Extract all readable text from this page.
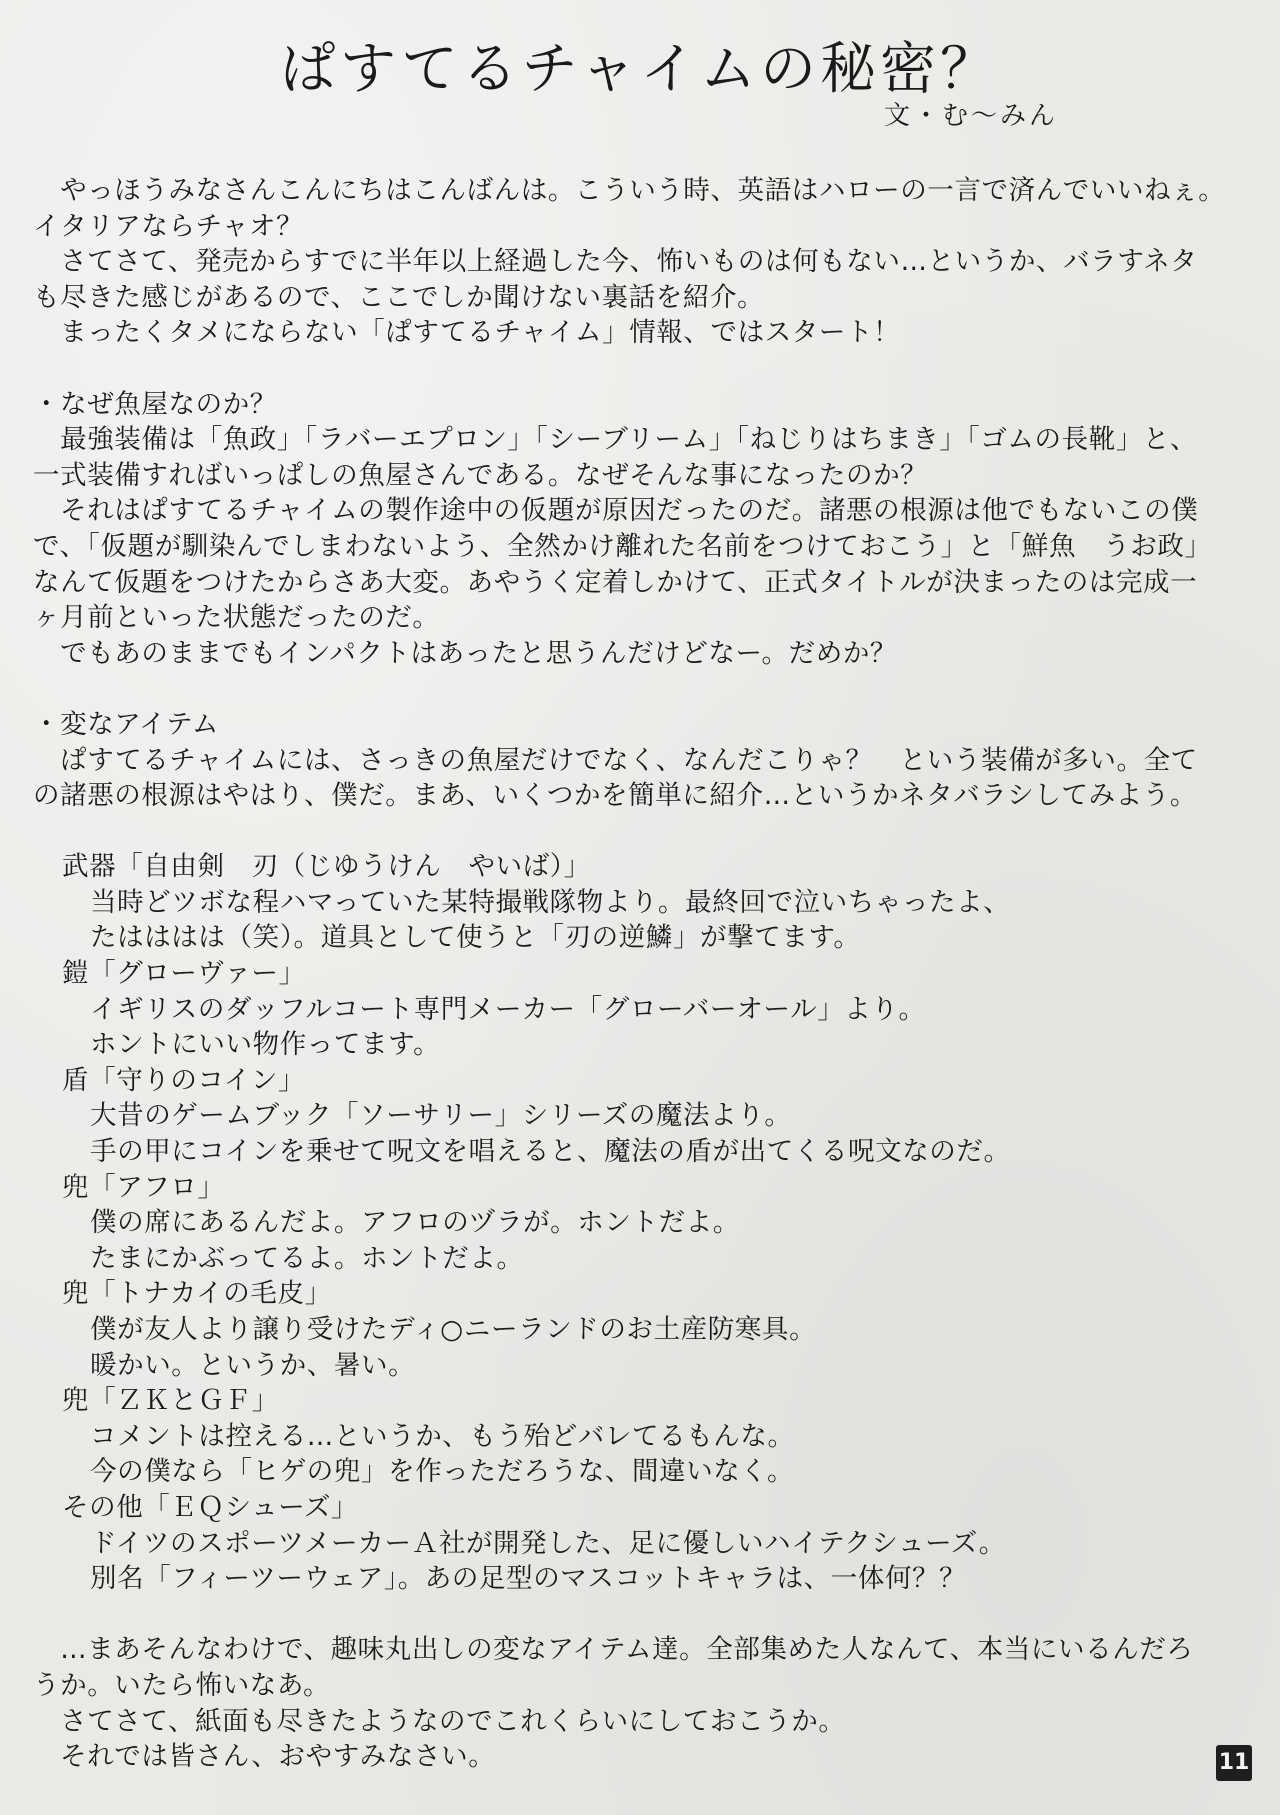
ぱすてるチャイムの秘密？
文・む〜みん

　やっほうみなさんこんにちはこんばんは。こういう時、英語はハローの一言で済んでいいねぇ。

イタリアならチャオ？

　さてさて、発売からすでに半年以上経過した今、怖いものは何もない…というか、バラすネタ

も尽きた感じがあるので、ここでしか聞けない裏話を紹介。

　まったくタメにならない「ぱすてるチャイム」情報、ではスタート！

・なぜ魚屋なのか？

　最強装備は「魚政」「ラバーエプロン」「シーブリーム」「ねじりはちまき」「ゴムの長靴」と、

一式装備すればいっぱしの魚屋さんである。なぜそんな事になったのか？

　それはぱすてるチャイムの製作途中の仮題が原因だったのだ。諸悪の根源は他でもないこの僕

で、「仮題が馴染んでしまわないよう、全然かけ離れた名前をつけておこう」と「鮮魚　うお政」

なんて仮題をつけたからさあ大変。あやうく定着しかけて、正式タイトルが決まったのは完成一

ヶ月前といった状態だったのだ。

　でもあのままでもインパクトはあったと思うんだけどなー。だめか？

・変なアイテム

　ぱすてるチャイムには、さっきの魚屋だけでなく、なんだこりゃ？　という装備が多い。全て

の諸悪の根源はやはり、僕だ。まあ、いくつかを簡単に紹介…というかネタバラシしてみよう。

武器「自由剣　刃（じゆうけん　やいば）」

当時どツボな程ハマっていた某特撮戦隊物より。最終回で泣いちゃったよ、

たはははは（笑）。道具として使うと「刃の逆鱗」が撃てます。

鎧「グローヴァー」

イギリスのダッフルコート専門メーカー「グローバーオール」より。

ホントにいい物作ってます。

盾「守りのコイン」

大昔のゲームブック「ソーサリー」シリーズの魔法より。

手の甲にコインを乗せて呪文を唱えると、魔法の盾が出てくる呪文なのだ。

兜「アフロ」

僕の席にあるんだよ。アフロのヅラが。ホントだよ。

たまにかぶってるよ。ホントだよ。

兜「トナカイの毛皮」

僕が友人より譲り受けたディ○ニーランドのお土産防寒具。

暖かい。というか、暑い。

兜「ＺＫとＧＦ」

コメントは控える…というか、もう殆どバレてるもんな。

今の僕なら「ヒゲの兜」を作っただろうな、間違いなく。

その他「ＥＱシューズ」

ドイツのスポーツメーカーＡ社が開発した、足に優しいハイテクシューズ。

別名「フィーツーウェア」。あの足型のマスコットキャラは、一体何？？

　…まあそんなわけで、趣味丸出しの変なアイテム達。全部集めた人なんて、本当にいるんだろ

うか。いたら怖いなあ。

　さてさて、紙面も尽きたようなのでこれくらいにしておこうか。

　それでは皆さん、おやすみなさい。	11
